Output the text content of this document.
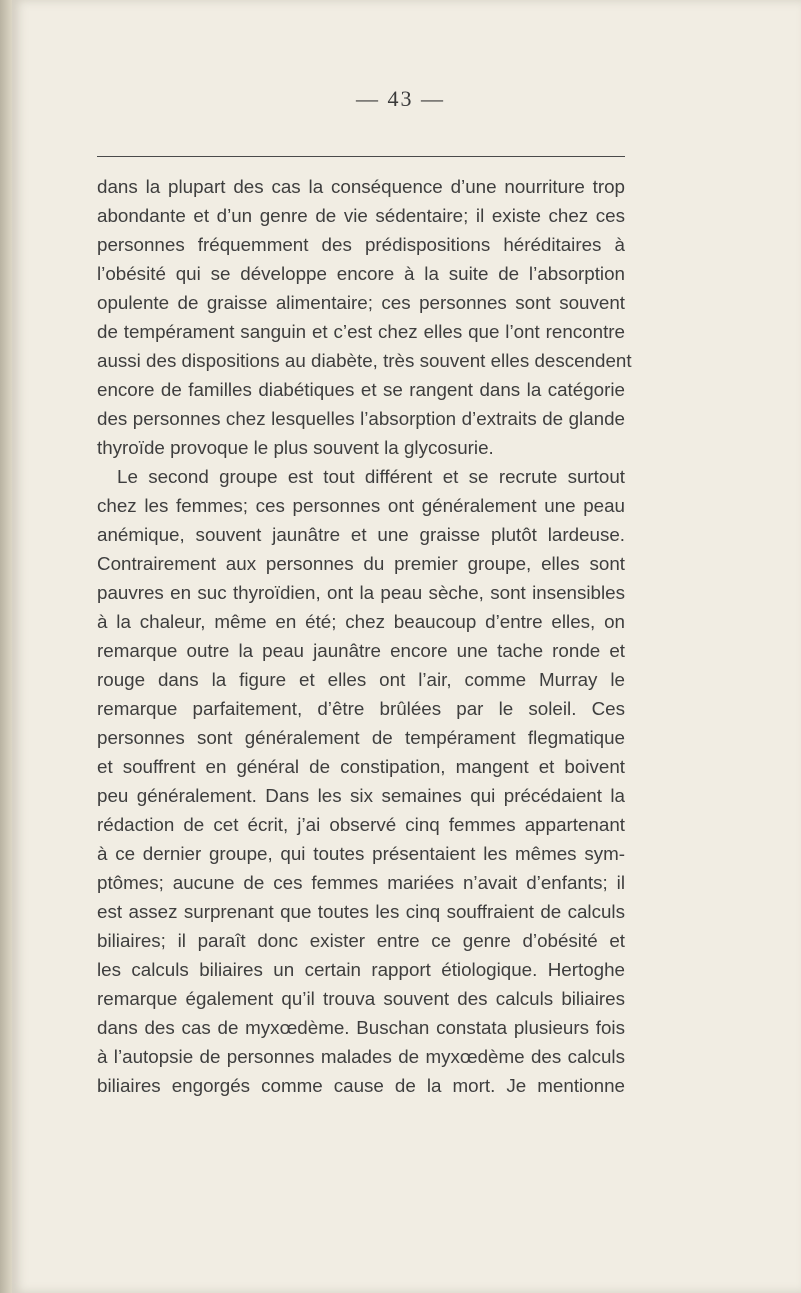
— 43 —
dans la plupart des cas la conséquence d’une nourriture trop
abondante et d’un genre de vie sédentaire; il existe chez ces
personnes fréquemment des prédispositions héréditaires à
l’obésité qui se développe encore à la suite de l’absorption
opulente de graisse alimentaire; ces personnes sont souvent
de tempérament sanguin et c’est chez elles que l’ont rencontre
aussi des dispositions au diabète, très souvent elles descendent
encore de familles diabétiques et se rangent dans la catégorie
des personnes chez lesquelles l’absorption d’extraits de glande
thyroïde provoque le plus souvent la glycosurie.
Le second groupe est tout différent et se recrute surtout
chez les femmes; ces personnes ont généralement une peau
anémique, souvent jaunâtre et une graisse plutôt lardeuse.
Contrairement aux personnes du premier groupe, elles sont
pauvres en suc thyroïdien, ont la peau sèche, sont insensibles
à la chaleur, même en été; chez beaucoup d’entre elles, on
remarque outre la peau jaunâtre encore une tache ronde et
rouge dans la figure et elles ont l’air, comme Murray le
remarque parfaitement, d’être brûlées par le soleil. Ces
personnes sont généralement de tempérament flegmatique
et souffrent en général de constipation, mangent et boivent
peu généralement. Dans les six semaines qui précédaient la
rédaction de cet écrit, j’ai observé cinq femmes appartenant
à ce dernier groupe, qui toutes présentaient les mêmes sym-
ptômes; aucune de ces femmes mariées n’avait d’enfants; il
est assez surprenant que toutes les cinq souffraient de calculs
biliaires; il paraît donc exister entre ce genre d’obésité et
les calculs biliaires un certain rapport étiologique. Hertoghe
remarque également qu’il trouva souvent des calculs biliaires
dans des cas de myxœdème. Buschan constata plusieurs fois
à l’autopsie de personnes malades de myxœdème des calculs
biliaires engorgés comme cause de la mort. Je mentionne
